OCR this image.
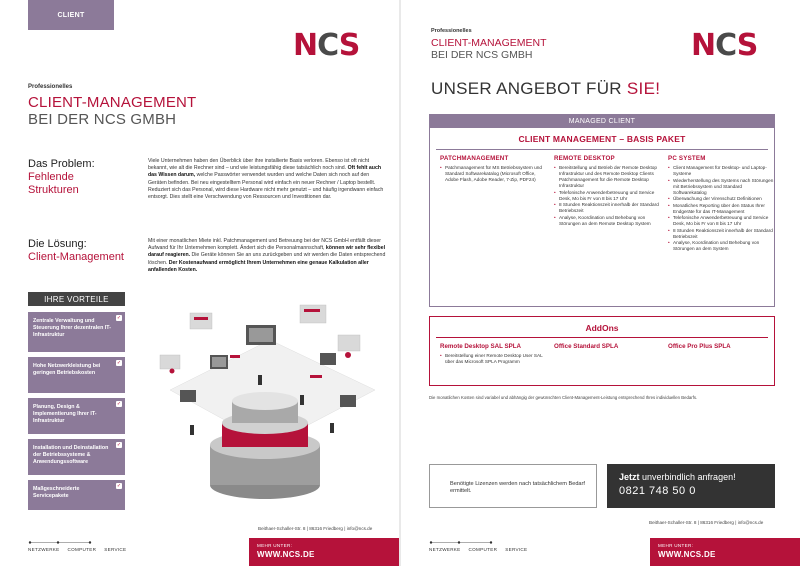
CLIENT
NCS
Professionelles
CLIENT-MANAGEMENT
BEI DER NCS GMBH
Das Problem:
Fehlende
Strukturen
Viele Unternehmen haben den Überblick über ihre installierte Basis verloren. Ebenso ist oft nicht bekannt, wie alt die Rechner sind – und wie leistungsfähig diese tatsächlich noch sind. Oft fehlt auch das Wissen darum, welche Passwörter verwendet wurden und welche Daten sich noch auf den Geräten befinden. Bei neu eingestelltem Personal wird einfach ein neuer Rechner / Laptop bestellt. Reduziert sich das Personal, wird diese Hardware nicht mehr genutzt – und häufig irgendwann einfach entsorgt. Dies stellt eine Verschwendung von Ressourcen und Investitionen dar.
Die Lösung:
Client-Management
Mit einer monatlichen Miete inkl. Patchmanagement und Betreuung bei der NCS GmbH entfällt dieser Aufwand für Ihr Unternehmen komplett. Ändert sich die Personalmannschaft, können wir sehr flexibel darauf reagieren. Die Geräte können Sie an uns zurückgeben und wir werden die Daten entsprechend löschen. Der Kostenaufwand ermöglicht Ihrem Unternehmen eine genaue Kalkulation aller anfallenden Kosten.
IHRE VORTEILE
✓
Zentrale Verwaltung und Steuerung Ihrer dezentralen IT-Infrastruktur
✓
Hohe Netzwerkleistung bei geringen Betriebskosten
✓
Planung, Design & Implementierung Ihrer IT-Infrastruktur
✓
Installation und Deinstallation der Betriebssysteme & Anwendungssoftware
✓
Maßgeschneiderte Servicepakete
Beithaer-Schaller-Str. 8 | 86316 Friedberg | info@ncs.de
NETZWERKE COMPUTER SERVICE
MEHR UNTER:
WWW.NCS.DE
Professionelles
CLIENT-MANAGEMENT
BEI DER NCS GMBH	NCS
UNSER ANGEBOT FÜR SIE!
MANAGED CLIENT
CLIENT MANAGEMENT – BASIS PAKET
PATCHMANAGEMENT
• Patchmanagement für MS Betriebssystem und Standard Softwarekatalog (Microsoft Office, Adobe Flash, Adobe Reader, 7-Zip, PDF24)
REMOTE DESKTOP
• Bereitstellung und Betrieb der Remote Desktop Infrastruktur und des Remote Desktop Clients Patchmanagement für die Remote Desktop Infrastruktur
• Telefonische Anwenderbetreuung und Service Desk, Mo bis Fr von 8 bis 17 Uhr
• 8 Stunden Reaktionszeit innerhalb der Standard Betriebszeit
• Analyse, Koordination und Behebung von Störungen an dem Remote Desktop System
PC SYSTEM
• Client Management für Desktop- und Laptop-Systeme
• Wiederherstellung des Systems nach Störungen mit Betriebssystem und Standard Softwarekatalog
• Überwachung der Virenschutz Definitionen
• Monatliches Reporting über den Status Ihrer Endgeräte für das IT-Management
• Telefonische Anwenderbetreuung und Service Desk, Mo bis Fr von 8 bis 17 Uhr
• 8 Stunden Reaktionszeit innerhalb der Standard Betriebszeit
• Analyse, Koordination und Behebung von Störungen an dem System
AddOns
Remote Desktop SAL SPLA

• Bereitstellung einer Remote Desktop User SAL über das Microsoft SPLA Programm

Office Standard SPLA	Office Pro Plus SPLA
Die monatlichen Kosten sind variabel und abhängig der gewünschten Client-Management-Leistung entsprechend Ihres individuellen Bedarfs.
Benötigte Lizenzen werden nach tatsächlichem Bedarf ermittelt.
Jetzt unverbindlich anfragen!
0821 748 50 0
Beithaer-Schaller-Str. 8 | 86316 Friedberg | info@ncs.de
NETZWERKE COMPUTER SERVICE
MEHR UNTER:
WWW.NCS.DE
